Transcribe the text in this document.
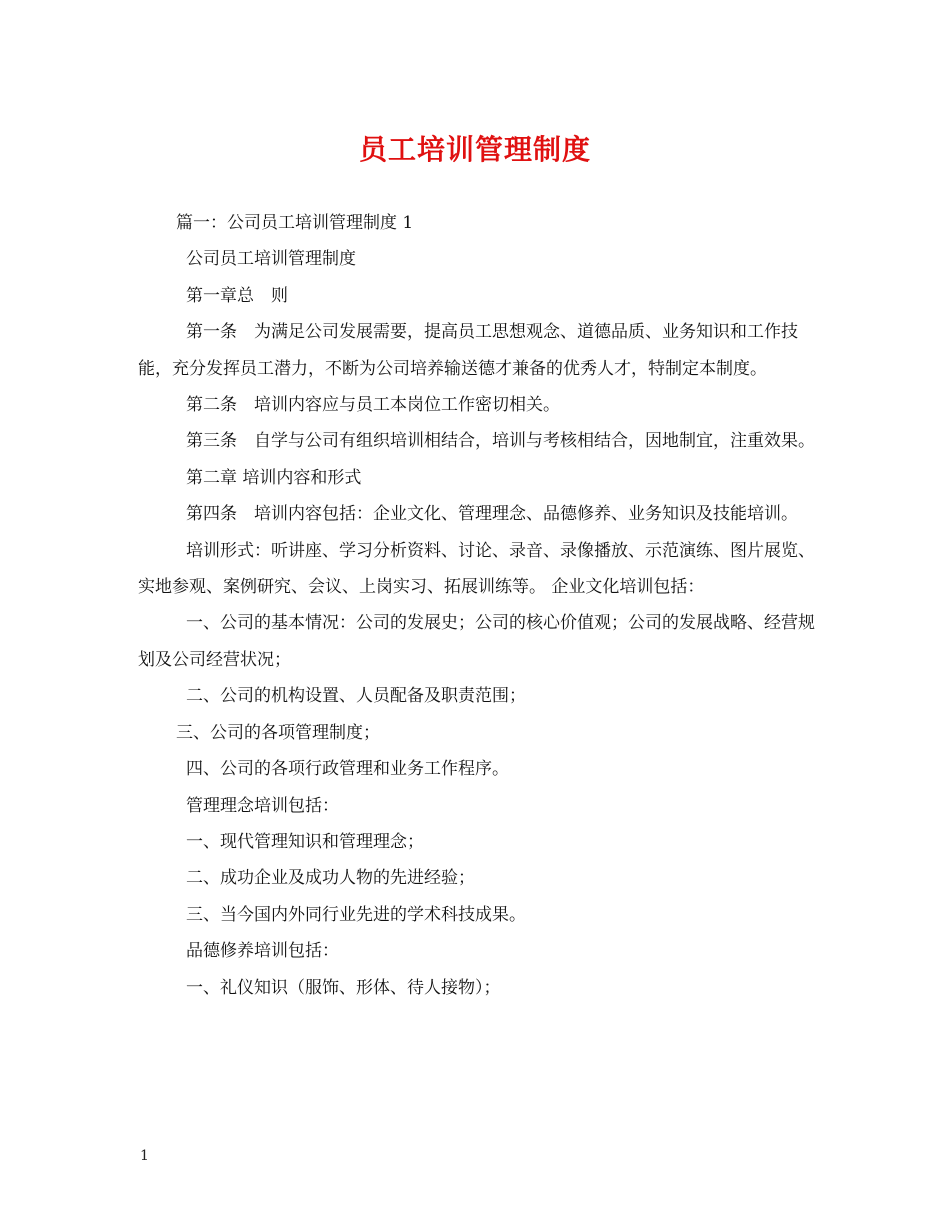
员工培训管理制度

篇一：公司员工培训管理制度 1

公司员工培训管理制度

第一章总　则

第一条　为满足公司发展需要，提高员工思想观念、道德品质、业务知识和工作技能，充分发挥员工潜力，不断为公司培养输送德才兼备的优秀人才，特制定本制度。

第二条　培训内容应与员工本岗位工作密切相关。

第三条　自学与公司有组织培训相结合，培训与考核相结合，因地制宜，注重效果。

第二章 培训内容和形式

第四条　培训内容包括：企业文化、管理理念、品德修养、业务知识及技能培训。

培训形式：听讲座、学习分析资料、讨论、录音、录像播放、示范演练、图片展览、实地参观、案例研究、会议、上岗实习、拓展训练等。 企业文化培训包括：

一、公司的基本情况：公司的发展史；公司的核心价值观；公司的发展战略、经营规划及公司经营状况；

二、公司的机构设置、人员配备及职责范围；

三、公司的各项管理制度；

四、公司的各项行政管理和业务工作程序。

管理理念培训包括：

一、现代管理知识和管理理念；

二、成功企业及成功人物的先进经验；

三、当今国内外同行业先进的学术科技成果。

品德修养培训包括：

一、礼仪知识（服饰、形体、待人接物）；

1
